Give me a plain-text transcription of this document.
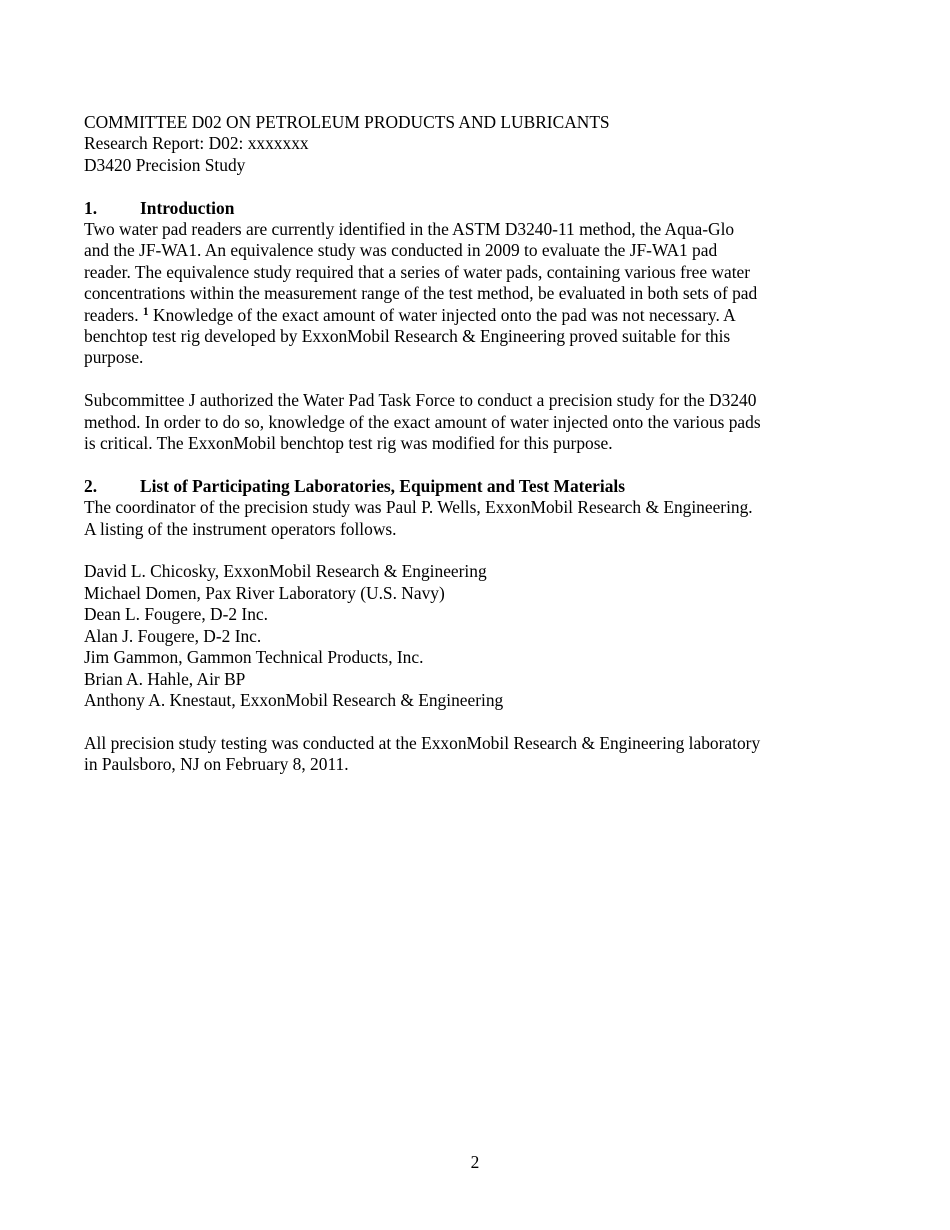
COMMITTEE D02 ON PETROLEUM PRODUCTS AND LUBRICANTS
Research Report: D02: xxxxxxx
D3420 Precision Study
1. Introduction
Two water pad readers are currently identified in the ASTM D3240-11 method, the Aqua-Glo
and the JF-WA1. An equivalence study was conducted in 2009 to evaluate the JF-WA1 pad
reader. The equivalence study required that a series of water pads, containing various free water
concentrations within the measurement range of the test method, be evaluated in both sets of pad
readers. $^1$ Knowledge of the exact amount of water injected onto the pad was not necessary. A
benchtop test rig developed by ExxonMobil Research & Engineering proved suitable for this
purpose.
Subcommittee J authorized the Water Pad Task Force to conduct a precision study for the D3240
method. In order to do so, knowledge of the exact amount of water injected onto the various pads
is critical. The ExxonMobil benchtop test rig was modified for this purpose.
2. List of Participating Laboratories, Equipment and Test Materials
The coordinator of the precision study was Paul P. Wells, ExxonMobil Research & Engineering.
A listing of the instrument operators follows.
David L. Chicosky, ExxonMobil Research & Engineering
Michael Domen, Pax River Laboratory (U.S. Navy)
Dean L. Fougere, D-2 Inc.
Alan J. Fougere, D-2 Inc.
Jim Gammon, Gammon Technical Products, Inc.
Brian A. Hahle, Air BP
Anthony A. Knestaut, ExxonMobil Research & Engineering
All precision study testing was conducted at the ExxonMobil Research & Engineering laboratory
in Paulsboro, NJ on February 8, 2011.
2
